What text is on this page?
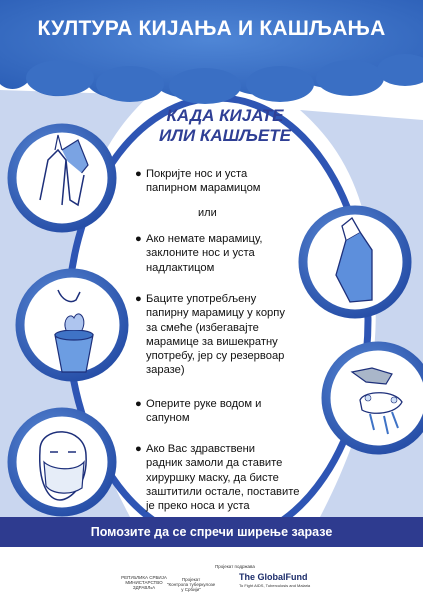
КУЛТУРА КИЈАЊА И КАШЉАЊА
КАДА КИЈАТЕ
ИЛИ КАШЉЕТЕ
● Покријте нос и уста
папирном марамицом
● Ако немате марамицу,
заклоните нос и уста
надлактицом
● Баците употребљену
папирну марамицу у корпу
за смеће (избегавајте
марамице за вишекратну
употребу, јер су резервоар
заразе)
● Оперите руке водом и
сапуном
● Ако Вас здравствени
радник замоли да ставите
хируршку маску, да бисте
заштитили остале, поставите
је преко носа и уста
или
Помозите да се спречи ширење заразе
РЕПУБЛИКА СРБИЈА
МИНИСТАРСТВО ЗДРАВЉА
Пројекат
"Контрола туберкулозе у Србији"
Пројекат подржава
The GlobalFund
To Fight AIDS, Tuberculosis and Malaria
